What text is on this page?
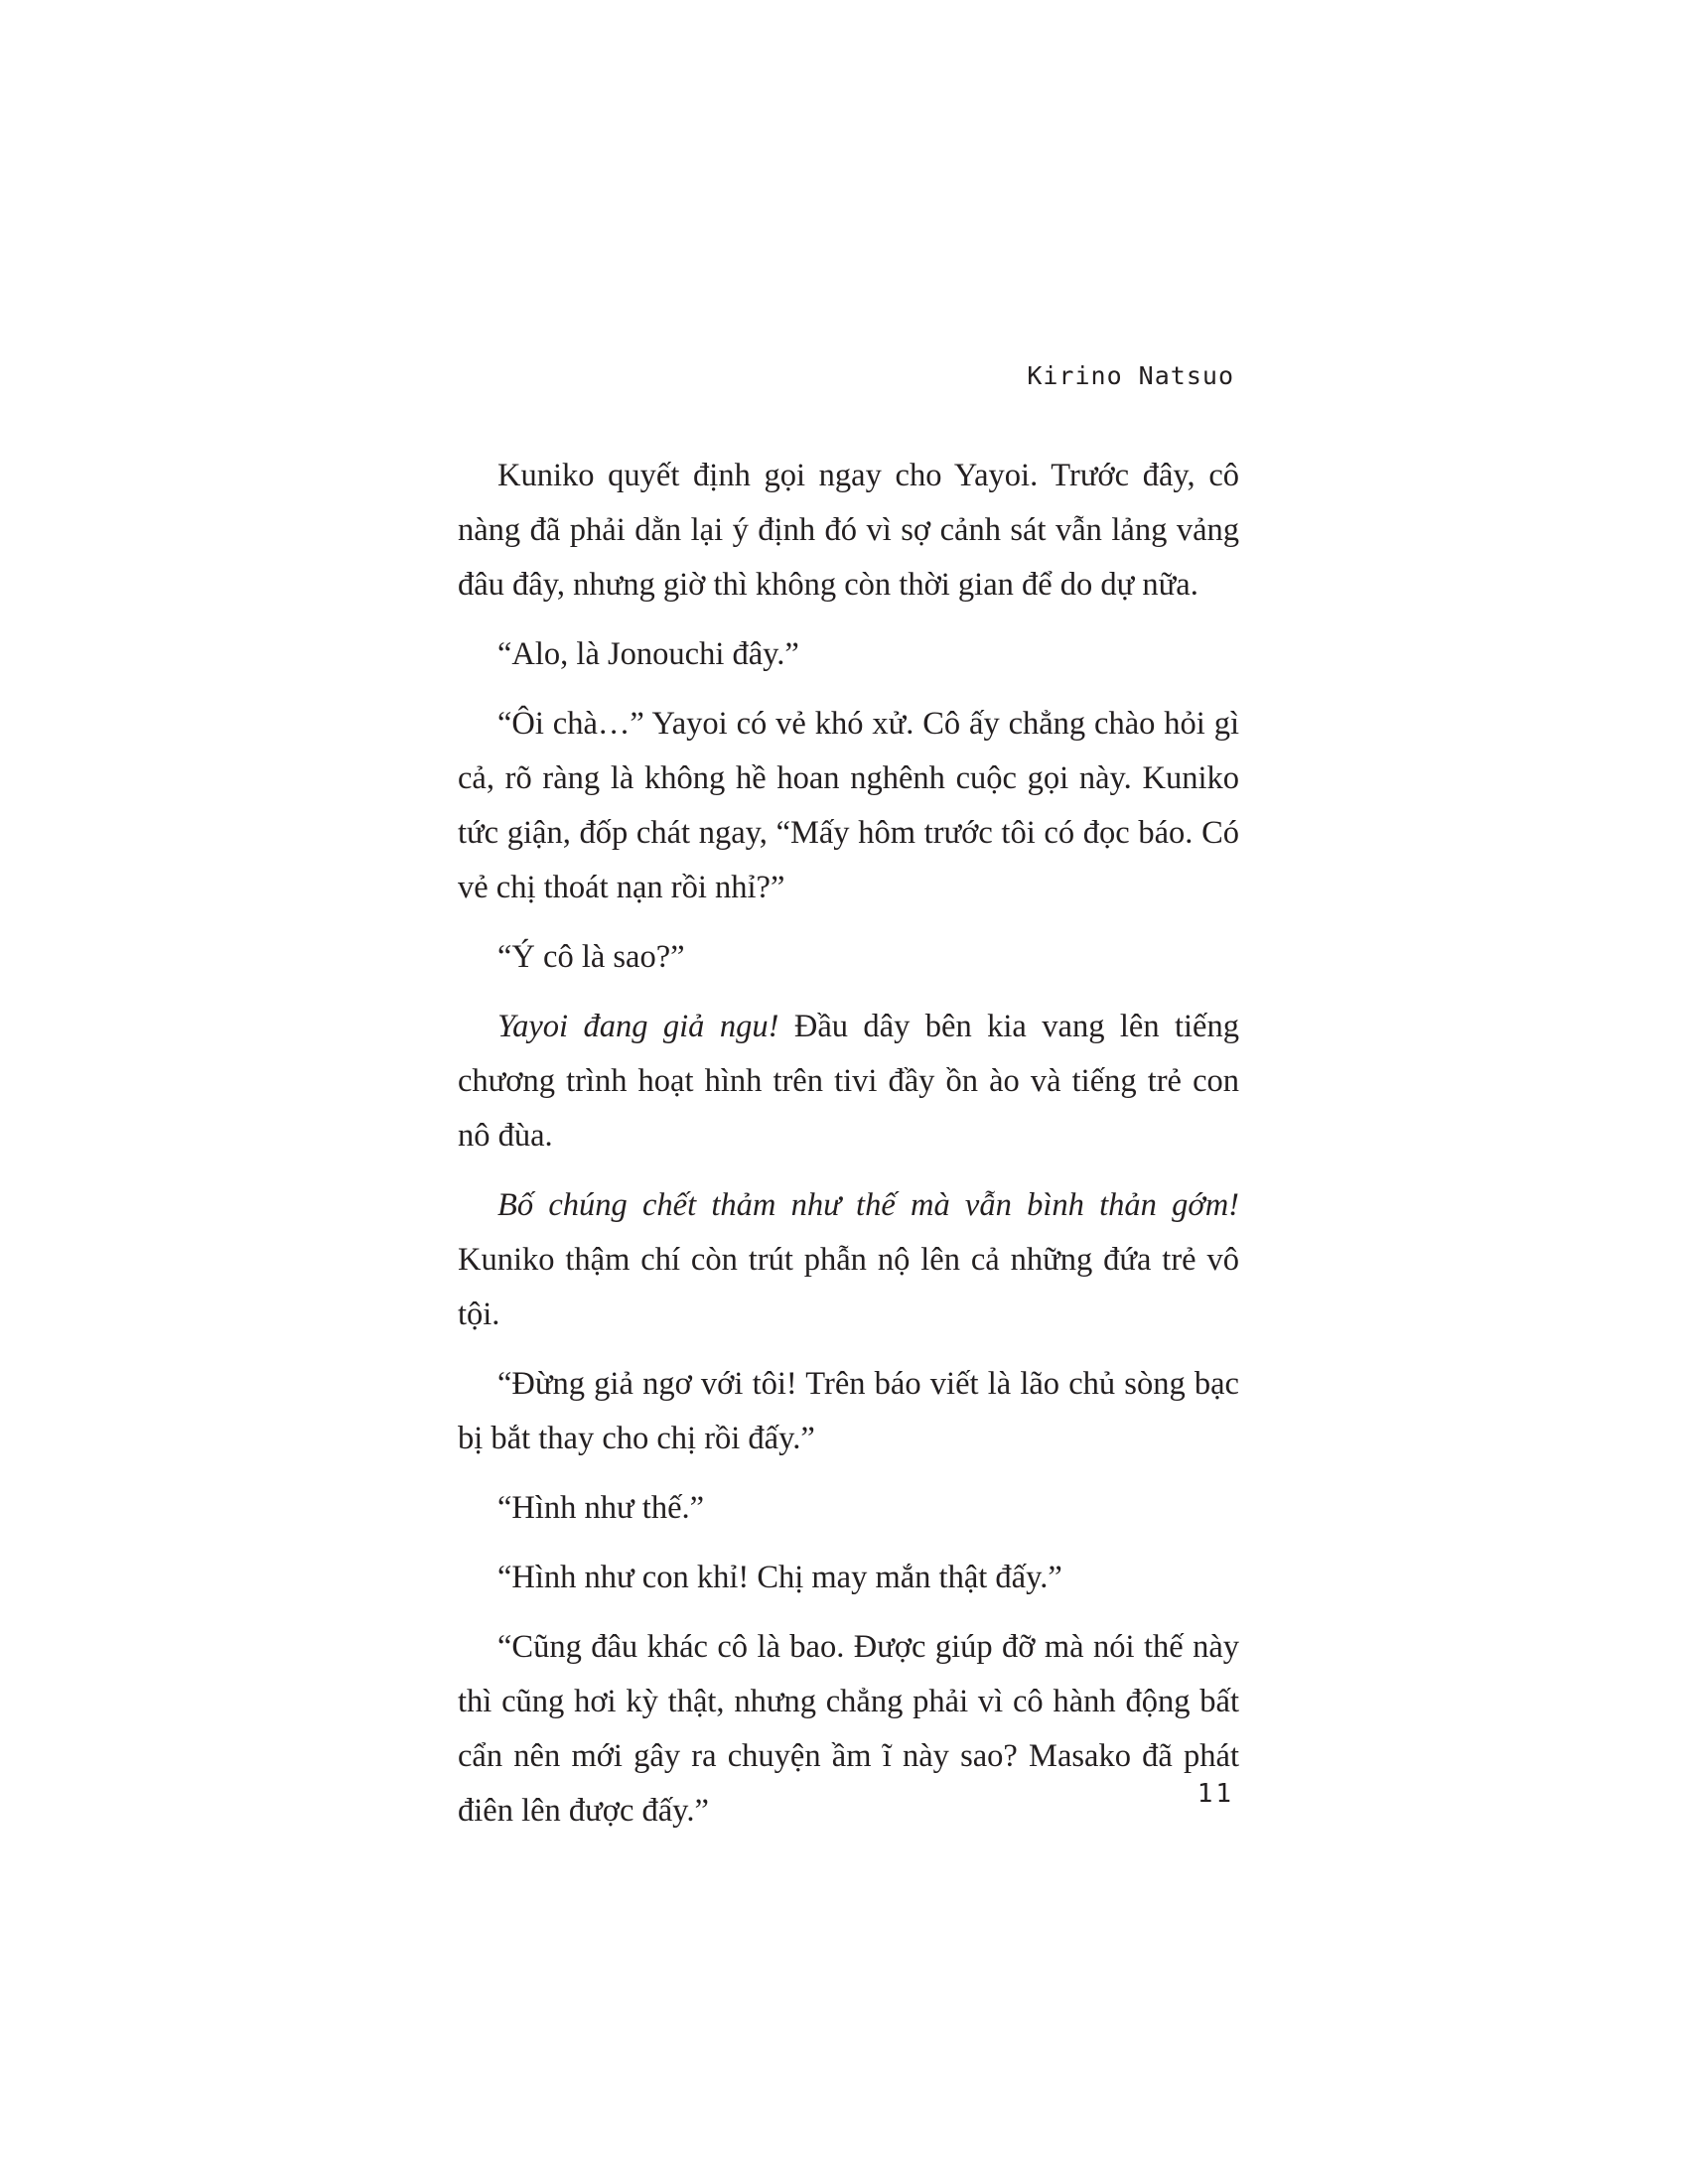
Kirino Natsuo

Kuniko quyết định gọi ngay cho Yayoi. Trước đây, cô nàng đã phải dằn lại ý định đó vì sợ cảnh sát vẫn lảng vảng đâu đây, nhưng giờ thì không còn thời gian để do dự nữa.

“Alo, là Jonouchi đây.”

“Ôi chà…” Yayoi có vẻ khó xử. Cô ấy chẳng chào hỏi gì cả, rõ ràng là không hề hoan nghênh cuộc gọi này. Kuniko tức giận, đốp chát ngay, “Mấy hôm trước tôi có đọc báo. Có vẻ chị thoát nạn rồi nhỉ?”

“Ý cô là sao?”

Yayoi đang giả ngu! Đầu dây bên kia vang lên tiếng chương trình hoạt hình trên tivi đầy ồn ào và tiếng trẻ con nô đùa.

Bố chúng chết thảm như thế mà vẫn bình thản gớm! Kuniko thậm chí còn trút phẫn nộ lên cả những đứa trẻ vô tội.

“Đừng giả ngơ với tôi! Trên báo viết là lão chủ sòng bạc bị bắt thay cho chị rồi đấy.”

“Hình như thế.”

“Hình như con khỉ! Chị may mắn thật đấy.”

“Cũng đâu khác cô là bao. Được giúp đỡ mà nói thế này thì cũng hơi kỳ thật, nhưng chẳng phải vì cô hành động bất cẩn nên mới gây ra chuyện ầm ĩ này sao? Masako đã phát điên lên được đấy.”	11
